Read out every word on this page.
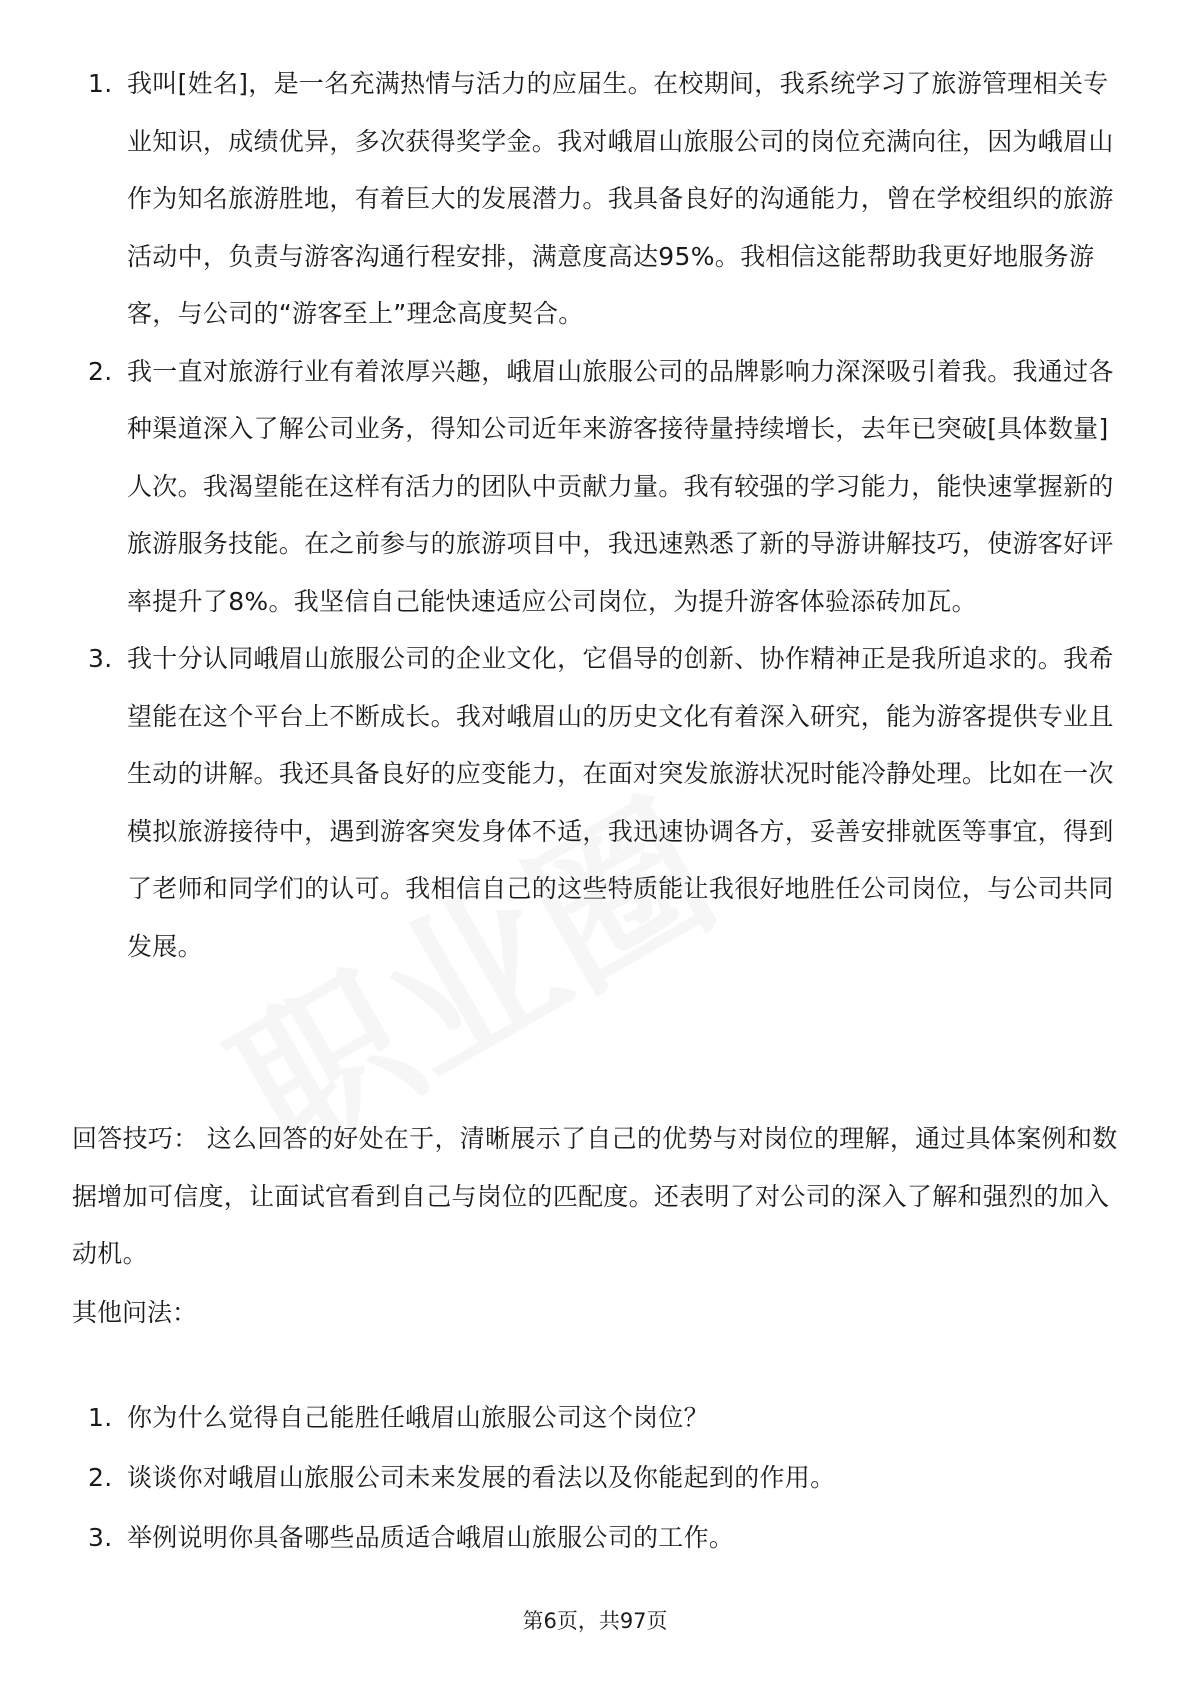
1. 我叫[姓名]，是一名充满热情与活力的应届生。在校期间，我系统学习了旅游管理相关专业知识，成绩优异，多次获得奖学金。我对峨眉山旅服公司的岗位充满向往，因为峨眉山作为知名旅游胜地，有着巨大的发展潜力。我具备良好的沟通能力，曾在学校组织的旅游活动中，负责与游客沟通行程安排，满意度高达95%。我相信这能帮助我更好地服务游客，与公司的“游客至上”理念高度契合。
2. 我一直对旅游行业有着浓厚兴趣，峨眉山旅服公司的品牌影响力深深吸引着我。我通过各种渠道深入了解公司业务，得知公司近年来游客接待量持续增长，去年已突破[具体数量]人次。我渴望能在这样有活力的团队中贡献力量。我有较强的学习能力，能快速掌握新的旅游服务技能。在之前参与的旅游项目中，我迅速熟悉了新的导游讲解技巧，使游客好评率提升了8%。我坚信自己能快速适应公司岗位，为提升游客体验添砖加瓦。
3. 我十分认同峨眉山旅服公司的企业文化，它倡导的创新、协作精神正是我所追求的。我希望能在这个平台上不断成长。我对峨眉山的历史文化有着深入研究，能为游客提供专业且生动的讲解。我还具备良好的应变能力，在面对突发旅游状况时能冷静处理。比如在一次模拟旅游接待中，遇到游客突发身体不适，我迅速协调各方，妥善安排就医等事宜，得到了老师和同学们的认可。我相信自己的这些特质能让我很好地胜任公司岗位，与公司共同发展。

回答技巧： 这么回答的好处在于，清晰展示了自己的优势与对岗位的理解，通过具体案例和数据增加可信度，让面试官看到自己与岗位的匹配度。还表明了对公司的深入了解和强烈的加入动机。

其他问法：

1. 你为什么觉得自己能胜任峨眉山旅服公司这个岗位？
2. 谈谈你对峨眉山旅服公司未来发展的看法以及你能起到的作用。
3. 举例说明你具备哪些品质适合峨眉山旅服公司的工作。
第6页，共97页
